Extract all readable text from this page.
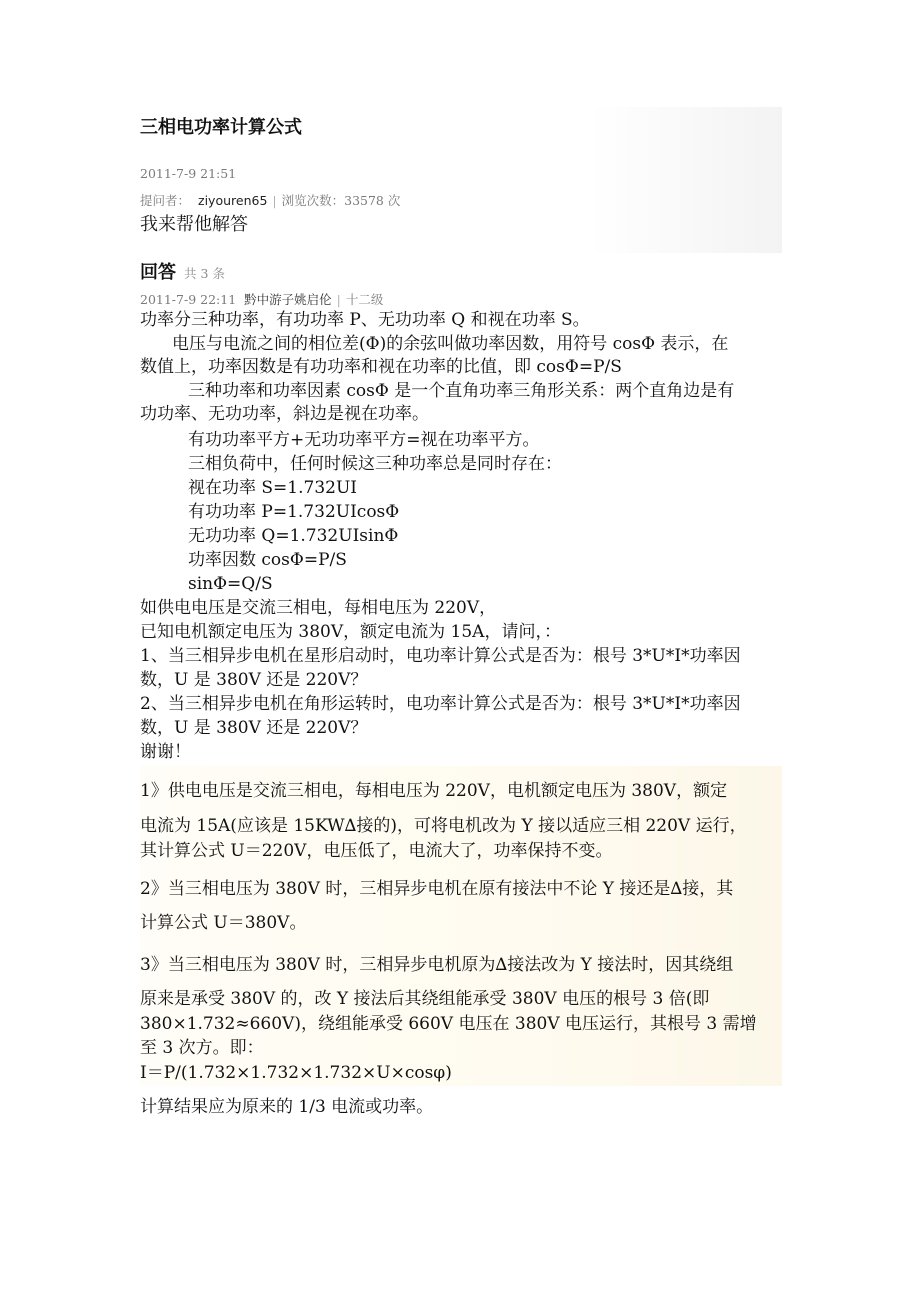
三相电功率计算公式
2011-7-9 21:51
提问者： ziyouren65 | 浏览次数：33578 次
我来帮他解答
回答 共 3 条
2011-7-9 22:11 黔中游子姚启伦 | 十二级
功率分三种功率，有功功率 P、无功功率 Q 和视在功率 S。
电压与电流之间的相位差(Φ)的余弦叫做功率因数，用符号 cosΦ 表示，在
数值上，功率因数是有功功率和视在功率的比值，即 cosΦ=P/S
三种功率和功率因素 cosΦ 是一个直角功率三角形关系：两个直角边是有
功功率、无功功率，斜边是视在功率。
有功功率平方+无功功率平方=视在功率平方。
三相负荷中，任何时候这三种功率总是同时存在：
视在功率 S=1.732UI
有功功率 P=1.732UIcosΦ
无功功率 Q=1.732UIsinΦ
功率因数 cosΦ=P/S
sinΦ=Q/S
如供电电压是交流三相电，每相电压为 220V，
已知电机额定电压为 380V，额定电流为 15A，请问，：
1、当三相异步电机在星形启动时，电功率计算公式是否为：根号 3*U*I*功率因
数，U 是 380V 还是 220V？
2、当三相异步电机在角形运转时，电功率计算公式是否为：根号 3*U*I*功率因
数，U 是 380V 还是 220V？
谢谢！
1》供电电压是交流三相电，每相电压为 220V，电机额定电压为 380V，额定
电流为 15A(应该是 15KW∆接的)，可将电机改为 Y 接以适应三相 220V 运行，
其计算公式 U＝220V，电压低了，电流大了，功率保持不变。
2》当三相电压为 380V 时，三相异步电机在原有接法中不论 Y 接还是∆接，其
计算公式 U＝380V。
3》当三相电压为 380V 时，三相异步电机原为∆接法改为 Y 接法时，因其绕组
原来是承受 380V 的，改 Y 接法后其绕组能承受 380V 电压的根号 3 倍(即
380×1.732≈660V)，绕组能承受 660V 电压在 380V 电压运行，其根号 3 需增
至 3 次方。即：
I＝P/(1.732×1.732×1.732×U×cosφ)
计算结果应为原来的 1/3 电流或功率。
